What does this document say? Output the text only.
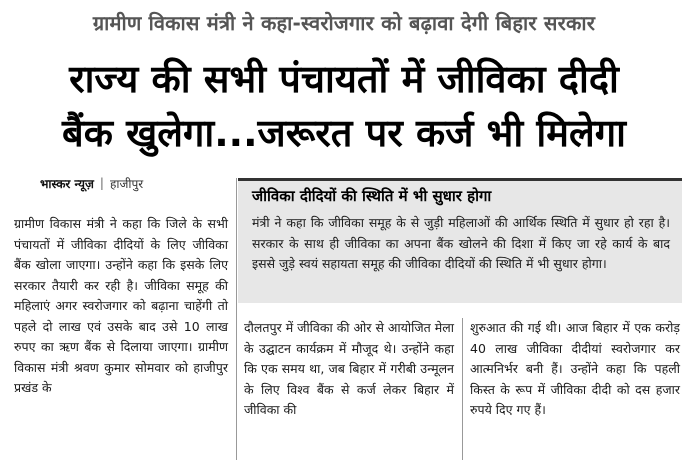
ग्रामीण विकास मंत्री ने कहा-स्वरोजगार को बढ़ावा देगी बिहार सरकार
राज्य की सभी पंचायतों में जीविका दीदी
बैंक खुलेगा...जरूरत पर कर्ज भी मिलेगा
भास्कर न्यूज़ | हाजीपुर
ग्रामीण विकास मंत्री ने कहा कि जिले के सभी पंचायतों में जीविका दीदियों के लिए जीविका बैंक खोला जाएगा। उन्होंने कहा कि इसके लिए सरकार तैयारी कर रही है। जीविका समूह की महिलाएं अगर स्वरोजगार को बढ़ाना चाहेंगी तो पहले दो लाख एवं उसके बाद उसे 10 लाख रुपए का ऋण बैंक से दिलाया जाएगा। ग्रामीण विकास मंत्री श्रवण कुमार सोमवार को हाजीपुर प्रखंड के
जीविका दीदियों की स्थिति में भी सुधार होगा
मंत्री ने कहा कि जीविका समूह के से जुड़ी महिलाओं की आर्थिक स्थिति में सुधार हो रहा है। सरकार के साथ ही जीविका का अपना बैंक खोलने की दिशा में किए जा रहे कार्य के बाद इससे जुड़े स्वयं सहायता समूह की जीविका दीदियों की स्थिति में भी सुधार होगा।
दौलतपुर में जीविका की ओर से आयोजित मेला के उद्घाटन कार्यक्रम में मौजूद थे। उन्होंने कहा कि एक समय था, जब बिहार में गरीबी उन्मूलन के लिए विश्व बैंक से कर्ज लेकर बिहार में जीविका की
शुरुआत की गई थी। आज बिहार में एक करोड़ 40 लाख जीविका दीदीयां स्वरोजगार कर आत्मनिर्भर बनी हैं। उन्होंने कहा कि पहली किस्त के रूप में जीविका दीदी को दस हजार रुपये दिए गए हैं।
